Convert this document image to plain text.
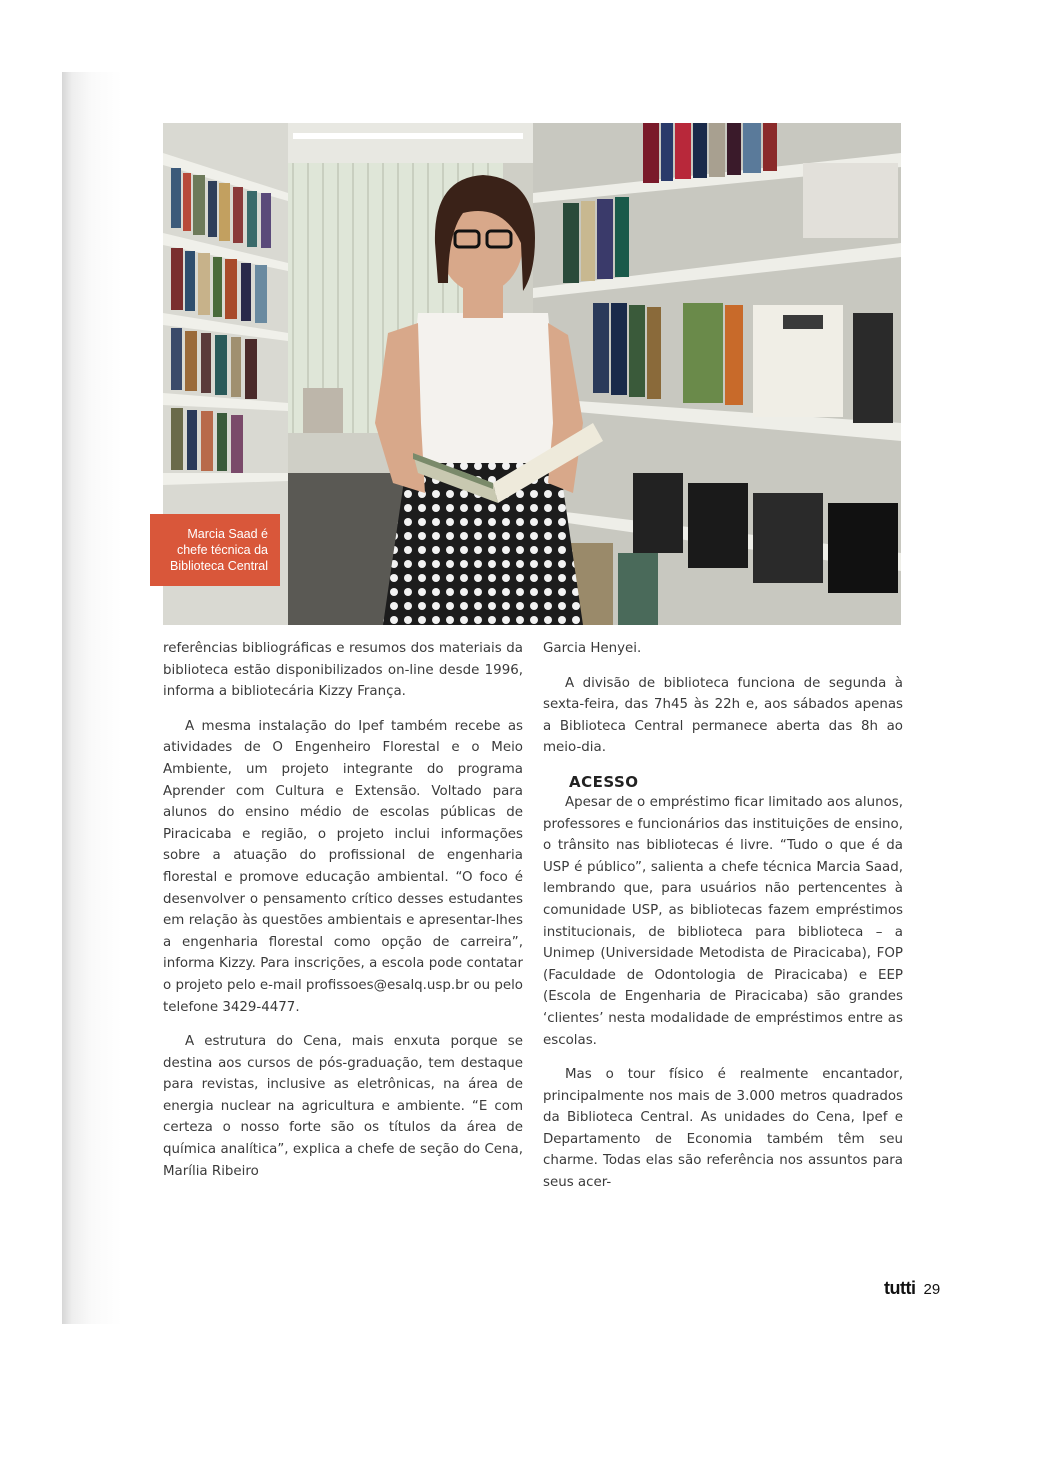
Marcia Saad é
chefe técnica da
Biblioteca Central

referências bibliográficas e resumos dos materiais da biblioteca estão disponibilizados on-line desde 1996, informa a bibliotecária Kizzy França.

A mesma instalação do Ipef também recebe as atividades de O Engenheiro Florestal e o Meio Ambiente, um projeto integrante do programa Aprender com Cultura e Extensão. Voltado para alunos do ensino médio de escolas públicas de Piracicaba e região, o projeto inclui informações sobre a atuação do profissional de engenharia florestal e promove educação ambiental. “O foco é desenvolver o pensamento crítico desses estudantes em relação às questões ambientais e apresentar-lhes a engenharia florestal como opção de carreira”, informa Kizzy. Para inscrições, a escola pode contatar o projeto pelo e-mail profissoes@esalq.usp.br ou pelo telefone 3429-4477.

A estrutura do Cena, mais enxuta porque se destina aos cursos de pós-graduação, tem destaque para revistas, inclusive as eletrônicas, na área de energia nuclear na agricultura e ambiente. “E com certeza o nosso forte são os títulos da área de química analítica”, explica a chefe de seção do Cena, Marília Ribeiro

Garcia Henyei.

A divisão de biblioteca funciona de segunda à sexta-feira, das 7h45 às 22h e, aos sábados apenas a Biblioteca Central permanece aberta das 8h ao meio-dia.

ACESSO

Apesar de o empréstimo ficar limitado aos alunos, professores e funcionários das instituições de ensino, o trânsito nas bibliotecas é livre. “Tudo o que é da USP é público”, salienta a chefe técnica Marcia Saad, lembrando que, para usuários não pertencentes à comunidade USP, as bibliotecas fazem empréstimos institucionais, de biblioteca para biblioteca – a Unimep (Universidade Metodista de Piracicaba), FOP (Faculdade de Odontologia de Piracicaba) e EEP (Escola de Engenharia de Piracicaba) são grandes ‘clientes’ nesta modalidade de empréstimos entre as escolas.

Mas o tour físico é realmente encantador, principalmente nos mais de 3.000 metros quadrados da Biblioteca Central. As unidades do Cena, Ipef e Departamento de Economia também têm seu charme. Todas elas são referência nos assuntos para seus acer-

tutti 29
